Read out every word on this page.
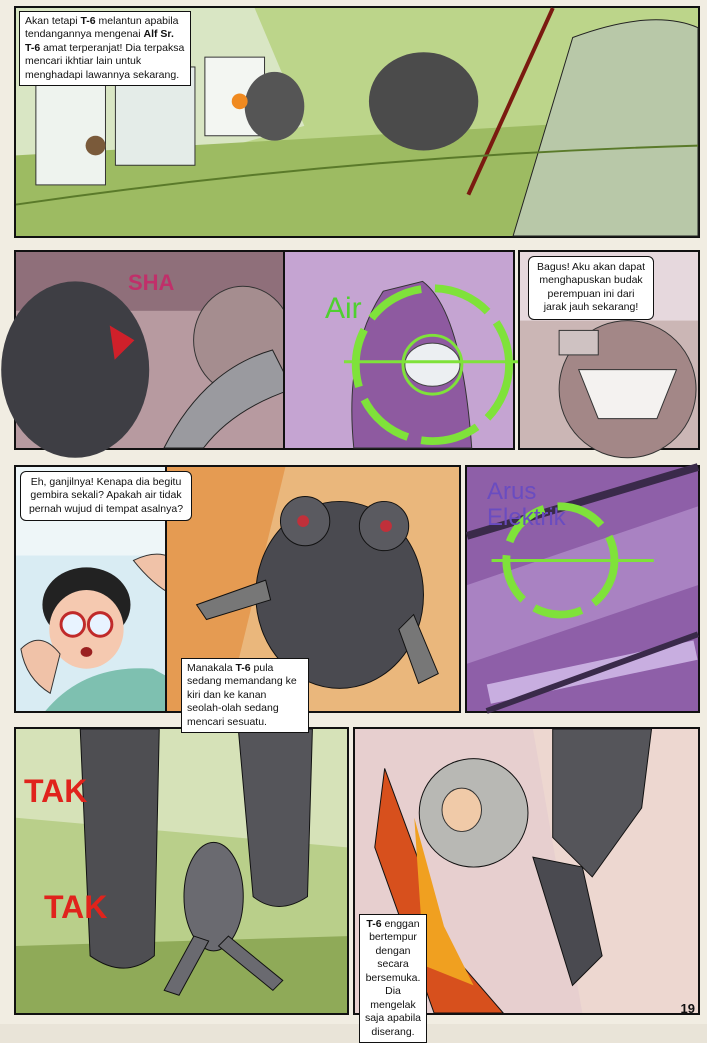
Akan tetapi T-6 melantun apabila tendangannya mengenai Alf Sr. T-6 amat terperanjat! Dia terpaksa mencari ikhtiar lain untuk menghadapi lawannya sekarang.
SHA
Air
Bagus! Aku akan dapat menghapuskan budak perempuan ini dari jarak jauh sekarang!
Eh, ganjilnya! Kenapa dia begitu gembira sekali? Apakah air tidak pernah wujud di tempat asalnya?
Manakala T-6 pula sedang memandang ke kiri dan ke kanan seolah-olah sedang mencari sesuatu.
Arus Elektrik
TAK
TAK	T-6 enggan bertempur dengan secara bersemuka. Dia mengelak saja apabila diserang.
19
